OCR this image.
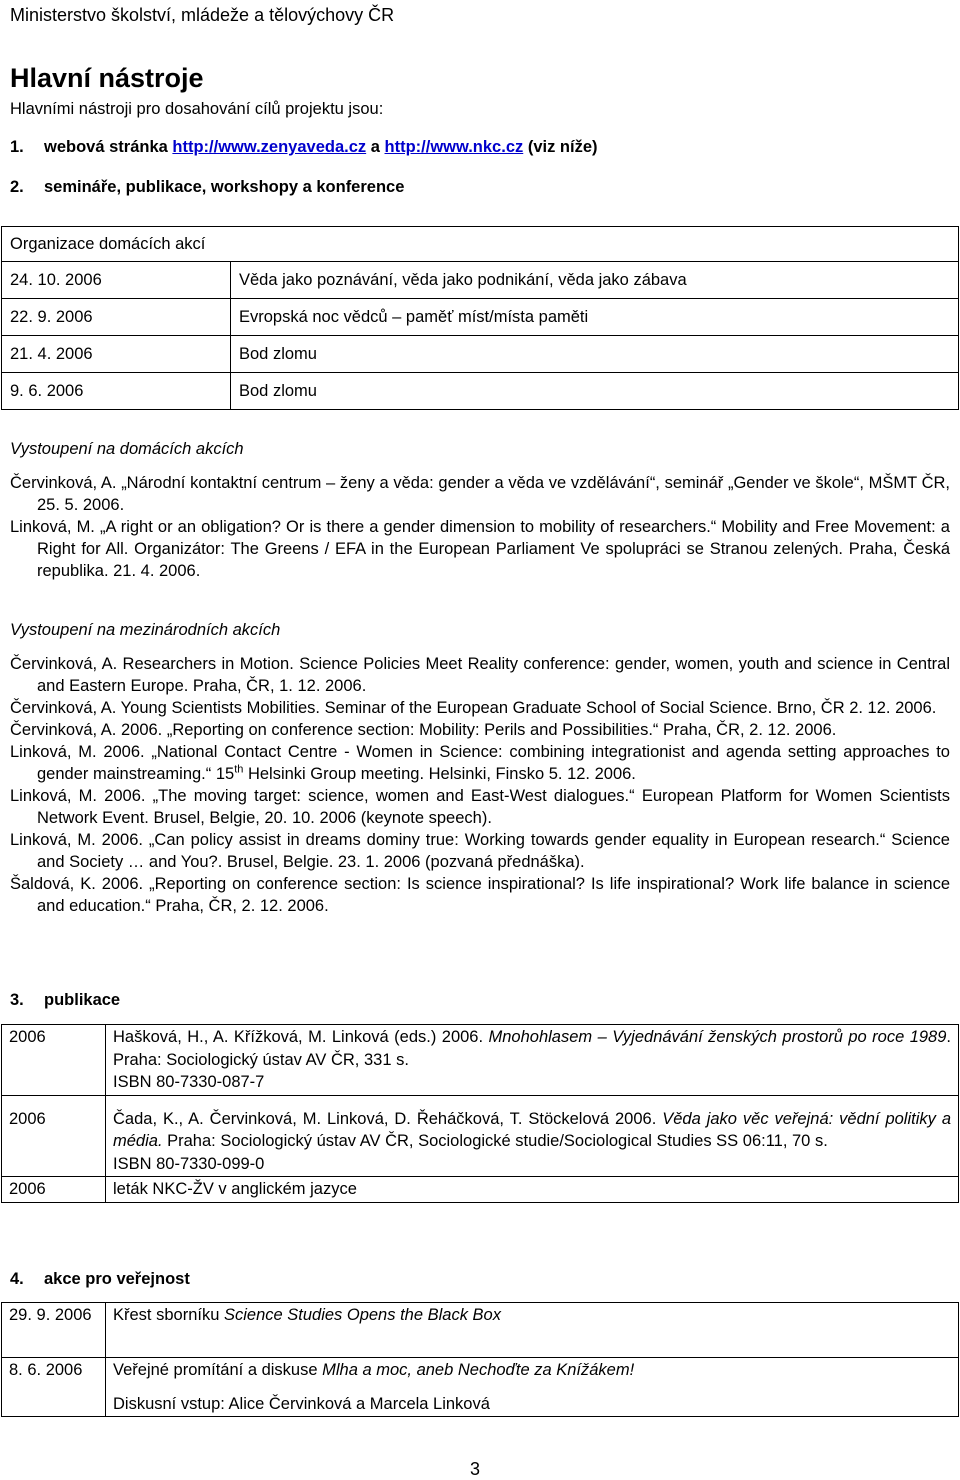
Ministerstvo školství, mládeže a tělovýchovy ČR
Hlavní nástroje
Hlavními nástroji pro dosahování cílů projektu jsou:
1. webová stránka http://www.zenyaveda.cz a http://www.nkc.cz (viz níže)
2. semináře, publikace, workshopy a konference
Organizace domácích akcí	
24. 10. 2006	Věda jako poznávání, věda jako podnikání, věda jako zábava
22. 9. 2006	Evropská noc vědců – paměť míst/místa paměti
21. 4. 2006	Bod zlomu
9. 6. 2006	Bod zlomu
Vystoupení na domácích akcích

Červinková, A. „Národní kontaktní centrum – ženy a věda: gender a věda ve vzdělávání“, seminář „Gender ve škole“, MŠMT ČR, 25. 5. 2006.

Linková, M. „A right or an obligation? Or is there a gender dimension to mobility of researchers.“ Mobility and Free Movement: a Right for All. Organizátor: The Greens / EFA in the European Parliament Ve spolupráci se Stranou zelených. Praha, Česká republika. 21. 4. 2006.

Vystoupení na mezinárodních akcích

Červinková, A. Researchers in Motion. Science Policies Meet Reality conference: gender, women, youth and science in Central and Eastern Europe. Praha, ČR, 1. 12. 2006.

Červinková, A. Young Scientists Mobilities. Seminar of the European Graduate School of Social Science. Brno, ČR 2. 12. 2006.

Červinková, A. 2006. „Reporting on conference section: Mobility: Perils and Possibilities.“ Praha, ČR, 2. 12. 2006.

Linková, M. 2006. „National Contact Centre - Women in Science: combining integrationist and agenda setting approaches to gender mainstreaming.“ 15th Helsinki Group meeting. Helsinki, Finsko 5. 12. 2006.

Linková, M. 2006. „The moving target: science, women and East-West dialogues.“ European Platform for Women Scientists Network Event. Brusel, Belgie, 20. 10. 2006 (keynote speech).

Linková, M. 2006. „Can policy assist in dreams dominy true: Working towards gender equality in European research.“ Science and Society … and You?. Brusel, Belgie. 23. 1. 2006 (pozvaná přednáška).

Šaldová, K. 2006. „Reporting on conference section: Is science inspirational? Is life inspirational? Work life balance in science and education.“ Praha, ČR, 2. 12. 2006.

3. publikace
2006	Hašková, H., A. Křížková, M. Linková (eds.) 2006. Mnohohlasem – Vyjednávání ženských prostorů po roce 1989. Praha: Sociologický ústav AV ČR, 331 s.
ISBN 80-7330-087-7
2006	Čada, K., A. Červinková, M. Linková, D. Řeháčková, T. Stöckelová 2006. Věda jako věc veřejná: vědní politiky a média. Praha: Sociologický ústav AV ČR, Sociologické studie/Sociological Studies SS 06:11, 70 s.
ISBN 80-7330-099-0
2006	leták NKC-ŽV v anglickém jazyce
4. akce pro veřejnost
29. 9. 2006	Křest sborníku Science Studies Opens the Black Box
8. 6. 2006	Veřejné promítání a diskuse Mlha a moc, aneb Nechoďte za Knížákem!
Diskusní vstup: Alice Červinková a Marcela Linková
3
